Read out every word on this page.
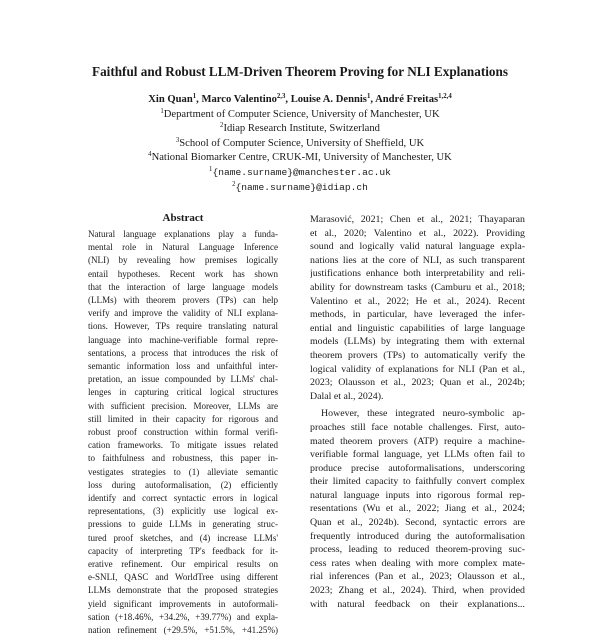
Faithful and Robust LLM-Driven Theorem Proving for NLI Explanations
Xin Quan$^1$, Marco Valentino$^{2,3}$, Louise A. Dennis$^1$, André Freitas$^{1,2,4}$
$^1$Department of Computer Science, University of Manchester, UK
$^2$Idiap Research Institute, Switzerland
$^3$School of Computer Science, University of Sheffield, UK
$^4$National Biomarker Centre, CRUK-MI, University of Manchester, UK
$^1${name.surname}@manchester.ac.uk
$^2${name.surname}@idiap.ch
Abstract
Natural language explanations play a funda-
mental role in Natural Language Inference
(NLI) by revealing how premises logically
entail hypotheses. Recent work has shown
that the interaction of large language models
(LLMs) with theorem provers (TPs) can help
verify and improve the validity of NLI explana-
tions. However, TPs require translating natural
language into machine-verifiable formal repre-
sentations, a process that introduces the risk of
semantic information loss and unfaithful inter-
pretation, an issue compounded by LLMs' chal-
lenges in capturing critical logical structures
with sufficient precision. Moreover, LLMs are
still limited in their capacity for rigorous and
robust proof construction within formal verifi-
cation frameworks. To mitigate issues related
to faithfulness and robustness, this paper in-
vestigates strategies to (1) alleviate semantic
loss during autoformalisation, (2) efficiently
identify and correct syntactic errors in logical
representations, (3) explicitly use logical ex-
pressions to guide LLMs in generating struc-
tured proof sketches, and (4) increase LLMs'
capacity of interpreting TP's feedback for it-
erative refinement. Our empirical results on
e-SNLI, QASC and WorldTree using different
LLMs demonstrate that the proposed strategies
yield significant improvements in autoformali-
sation (+18.46%, +34.2%, +39.77%) and expla-
nation refinement (+29.5%, +51.5%, +41.25%)

Marasović, 2021; Chen et al., 2021; Thayaparan
et al., 2020; Valentino et al., 2022). Providing
sound and logically valid natural language expla-
nations lies at the core of NLI, as such transparent
justifications enhance both interpretability and reli-
ability for downstream tasks (Camburu et al., 2018;
Valentino et al., 2022; He et al., 2024). Recent
methods, in particular, have leveraged the infer-
ential and linguistic capabilities of large language
models (LLMs) by integrating them with external
theorem provers (TPs) to automatically verify the
logical validity of explanations for NLI (Pan et al.,
2023; Olausson et al., 2023; Quan et al., 2024b;
Dalal et al., 2024).

However, these integrated neuro-symbolic ap-
proaches still face notable challenges. First, auto-
mated theorem provers (ATP) require a machine-
verifiable formal language, yet LLMs often fail to
produce precise autoformalisations, underscoring
their limited capacity to faithfully convert complex
natural language inputs into rigorous formal rep-
resentations (Wu et al., 2022; Jiang et al., 2024;
Quan et al., 2024b). Second, syntactic errors are
frequently introduced during the autoformalisation
process, leading to reduced theorem-proving suc-
cess rates when dealing with more complex mate-
rial inferences (Pan et al., 2023; Olausson et al.,
2023; Zhang et al., 2024). Third, when provided
with natural feedback on their explanations...
